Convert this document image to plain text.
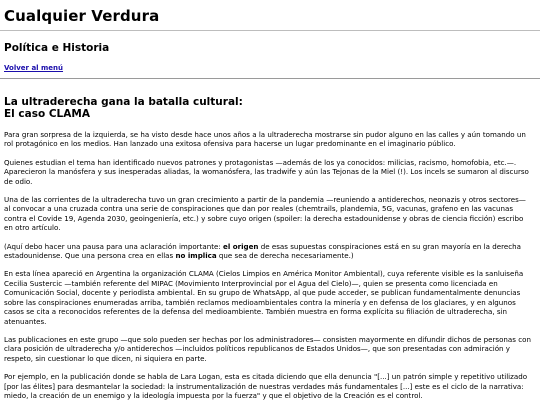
Cualquier Verdura
Política e Historia
Volver al menú
La ultraderecha gana la batalla cultural:
El caso CLAMA

Para gran sorpresa de la izquierda, se ha visto desde hace unos años a la ultraderecha mostrarse sin pudor alguno en las calles y aún tomando un rol protagónico en los medios. Han lanzado una exitosa ofensiva para hacerse un lugar predominante en el imaginario público.

Quienes estudian el tema han identificado nuevos patrones y protagonistas —además de los ya conocidos: milicias, racismo, homofobia, etc.—. Aparecieron la manósfera y sus inesperadas aliadas, la womanósfera, las tradwife y aún las Tejonas de la Miel (!). Los incels se sumaron al discurso de odio.

Una de las corrientes de la ultraderecha tuvo un gran crecimiento a partir de la pandemia —reuniendo a antiderechos, neonazis y otros sectores— al convocar a una cruzada contra una serie de conspiraciones que dan por reales (chemtrails, plandemia, 5G, vacunas, grafeno en las vacunas contra el Covide 19, Agenda 2030, geoingeniería, etc.) y sobre cuyo origen (spoiler: la derecha estadounidense y obras de ciencia ficción) escribo en otro artículo.

(Aquí debo hacer una pausa para una aclaración importante: el origen de esas supuestas conspiraciones está en su gran mayoría en la derecha estadounidense. Que una persona crea en ellas no implica que sea de derecha necesariamente.)

En esta línea apareció en Argentina la organización CLAMA (Cielos Limpios en América Monitor Ambiental), cuya referente visible es la sanluiseña Cecilia Sustercic —también referente del MIPAC (Movimiento Interprovincial por el Agua del Cielo)—, quien se presenta como licenciada en Comunicación Social, docente y periodista ambiental. En su grupo de WhatsApp, al que pude acceder, se publican fundamentalmente denuncias sobre las conspiraciones enumeradas arriba, también reclamos medioambientales contra la minería y en defensa de los glaciares, y en algunos casos se cita a reconocidos referentes de la defensa del medioambiente. También muestra en forma explícita su filiación de ultraderecha, sin atenuantes.

Las publicaciones en este grupo —que solo pueden ser hechas por los administradores— consisten mayormente en difundir dichos de personas con clara posición de ultraderecha y/o antiderechos —incluidos políticos republicanos de Estados Unidos—, que son presentadas con admiración y respeto, sin cuestionar lo que dicen, ni siquiera en parte.

Por ejemplo, en la publicación donde se habla de Lara Logan, esta es citada diciendo que ella denuncia "[...] un patrón simple y repetitivo utilizado [por las élites] para desmantelar la sociedad: la instrumentalización de nuestras verdades más fundamentales [...] este es el ciclo de la narrativa: miedo, la creación de un enemigo y la ideología impuesta por la fuerza" y que el objetivo de la Creación es el control.
